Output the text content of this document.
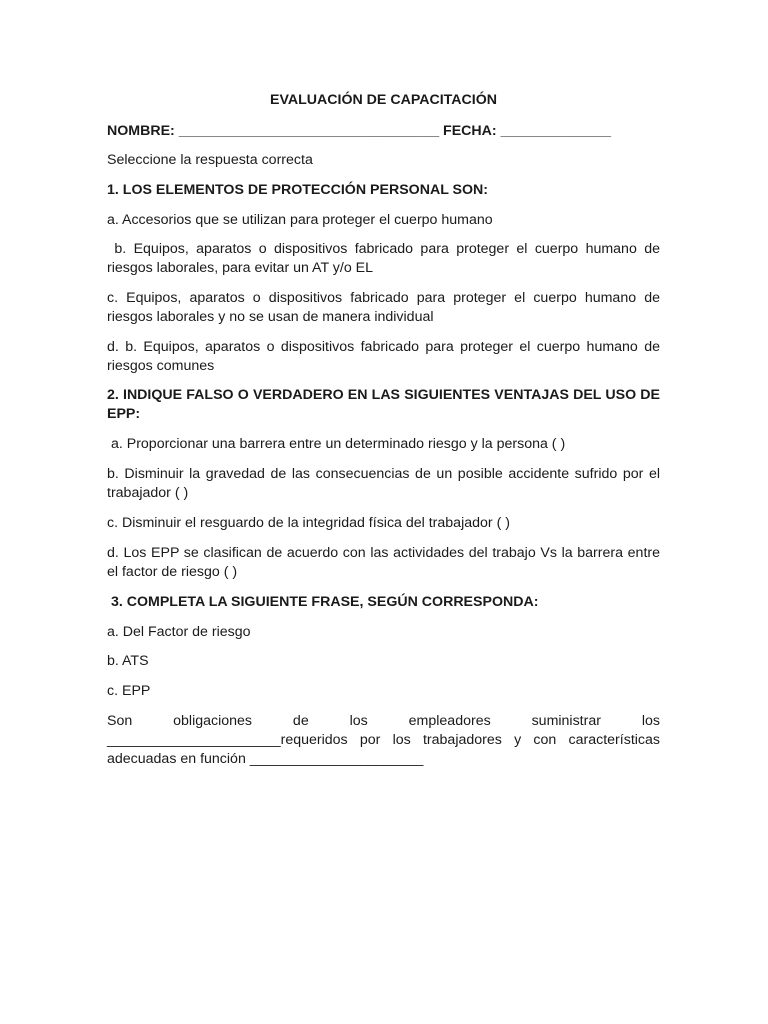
EVALUACIÓN DE CAPACITACIÓN

NOMBRE: _________________________________ FECHA: ______________

Seleccione la respuesta correcta

1. LOS ELEMENTOS DE PROTECCIÓN PERSONAL SON:

a. Accesorios que se utilizan para proteger el cuerpo humano

b. Equipos, aparatos o dispositivos fabricado para proteger el cuerpo humano de riesgos laborales, para evitar un AT y/o EL

c. Equipos, aparatos o dispositivos fabricado para proteger el cuerpo humano de riesgos laborales y no se usan de manera individual

d. b. Equipos, aparatos o dispositivos fabricado para proteger el cuerpo humano de riesgos comunes

2. INDIQUE FALSO O VERDADERO EN LAS SIGUIENTES VENTAJAS DEL USO DE EPP:

a. Proporcionar una barrera entre un determinado riesgo y la persona ( )

b. Disminuir la gravedad de las consecuencias de un posible accidente sufrido por el trabajador ( )

c. Disminuir el resguardo de la integridad física del trabajador ( )

d. Los EPP se clasifican de acuerdo con las actividades del trabajo Vs la barrera entre el factor de riesgo ( )

3. COMPLETA LA SIGUIENTE FRASE, SEGÚN CORRESPONDA:

a. Del Factor de riesgo

b. ATS

c. EPP

Son obligaciones de los empleadores suministrar los

______________________requeridos por los trabajadores y con características

adecuadas en función ______________________
